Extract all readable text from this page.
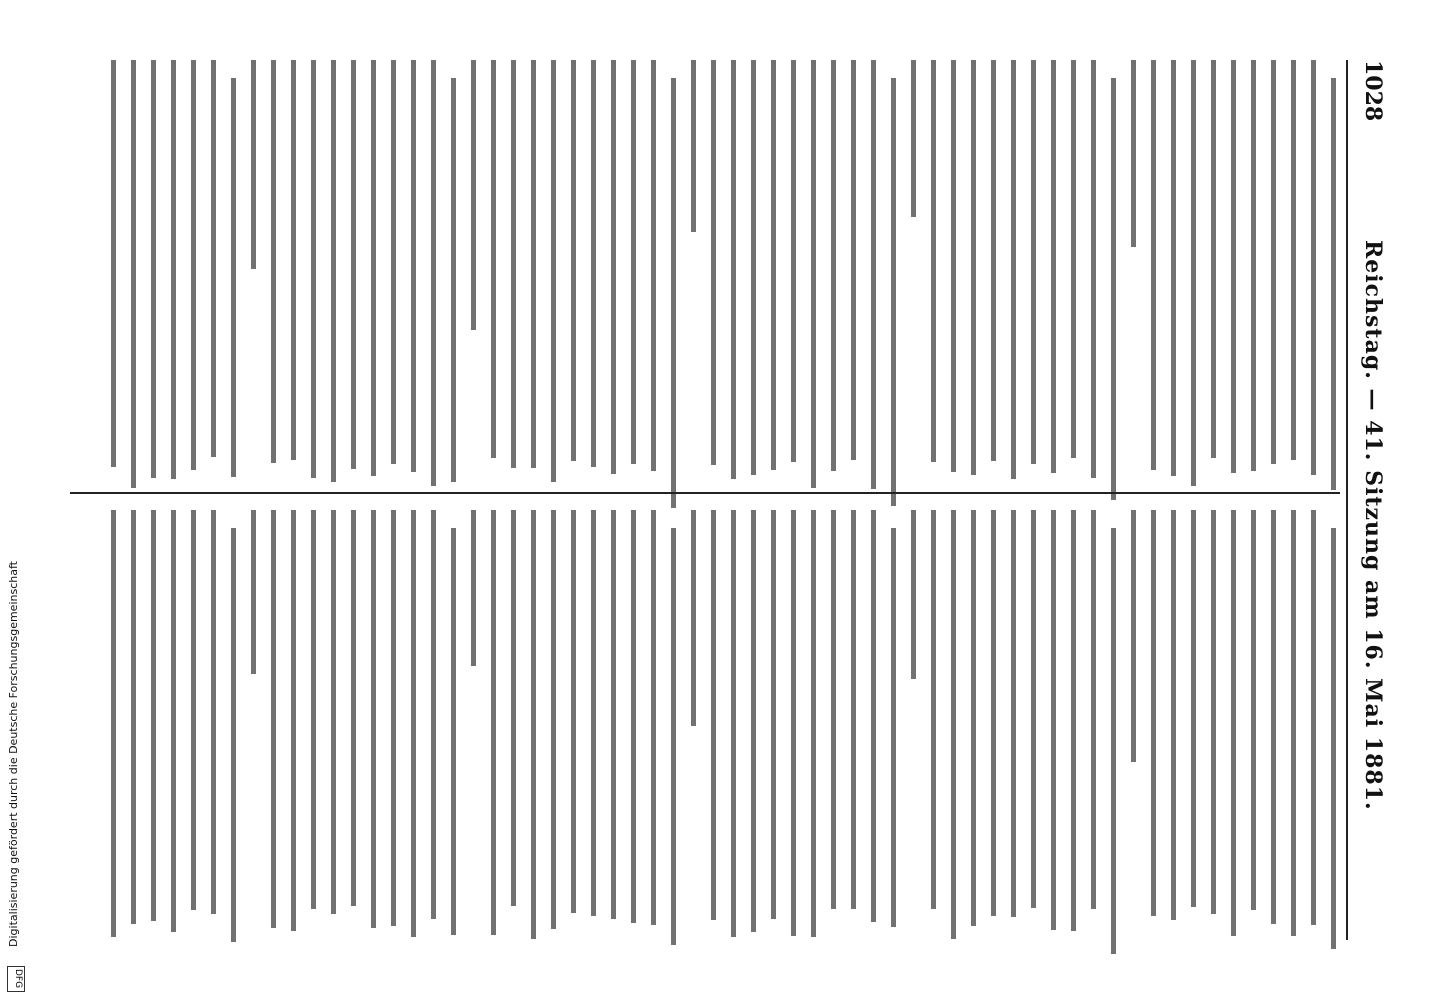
1028
Reichstag. — 41. Sitzung am 16. Mai 1881.
Digitalisierung gefördert durch die Deutsche Forschungsgemeinschaft
DFG
